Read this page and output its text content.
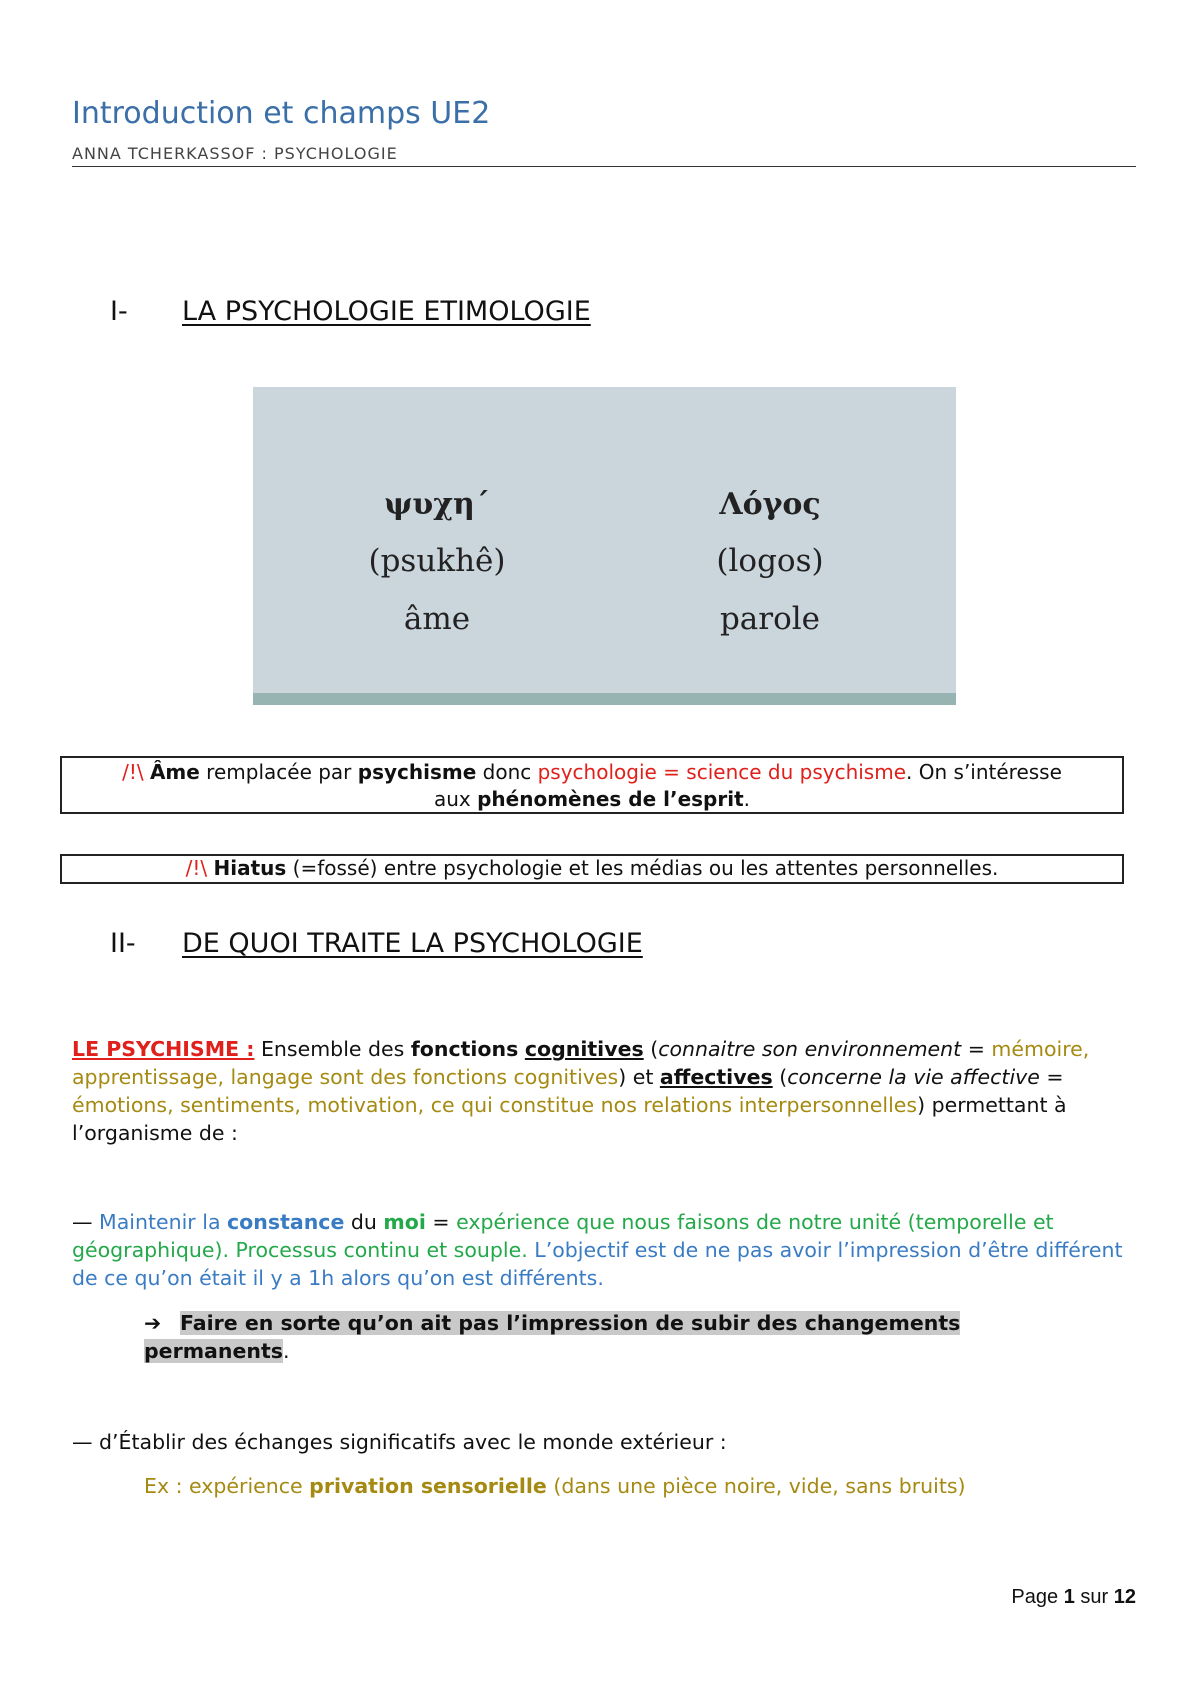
Introduction et champs UE2
ANNA TCHERKASSOF : PSYCHOLOGIE
I- LA PSYCHOLOGIE ETIMOLOGIE
ψυχη´
(psukhê)
âme
Λόγος
(logos)
parole
/!\ Âme remplacée par psychisme donc psychologie = science du psychisme. On s’intéresse aux phénomènes de l’esprit.
/!\ Hiatus (=fossé) entre psychologie et les médias ou les attentes personnelles.
II- DE QUOI TRAITE LA PSYCHOLOGIE
LE PSYCHISME : Ensemble des fonctions cognitives (connaitre son environnement = mémoire, apprentissage, langage sont des fonctions cognitives) et affectives (concerne la vie affective = émotions, sentiments, motivation, ce qui constitue nos relations interpersonnelles) permettant à l’organisme de :
— Maintenir la constance du moi = expérience que nous faisons de notre unité (temporelle et géographique). Processus continu et souple. L’objectif est de ne pas avoir l’impression d’être différent de ce qu’on était il y a 1h alors qu’on est différents.
➔ Faire en sorte qu’on ait pas l’impression de subir des changements permanents.
— d’Établir des échanges significatifs avec le monde extérieur :
Ex : expérience privation sensorielle (dans une pièce noire, vide, sans bruits)
Page 1 sur 12
